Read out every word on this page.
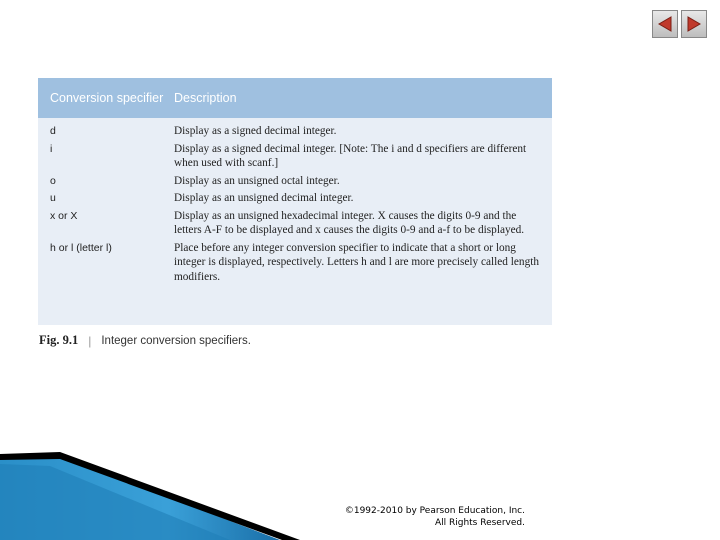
Conversion specifier Description
d	Display as a signed decimal integer.
i	Display as a signed decimal integer. [Note: The i and d specifiers are different when used with scanf.]
o	Display as an unsigned octal integer.
u	Display as an unsigned decimal integer.
x or X	Display as an unsigned hexadecimal integer. X causes the digits 0-9 and the letters A-F to be displayed and x causes the digits 0-9 and a-f to be displayed.
h or l (letter l)	Place before any integer conversion specifier to indicate that a short or long integer is displayed, respectively. Letters h and l are more precisely called length modifiers.
Fig. 9.1 | Integer conversion specifiers.
©1992-2010 by Pearson Education, Inc.
All Rights Reserved.
